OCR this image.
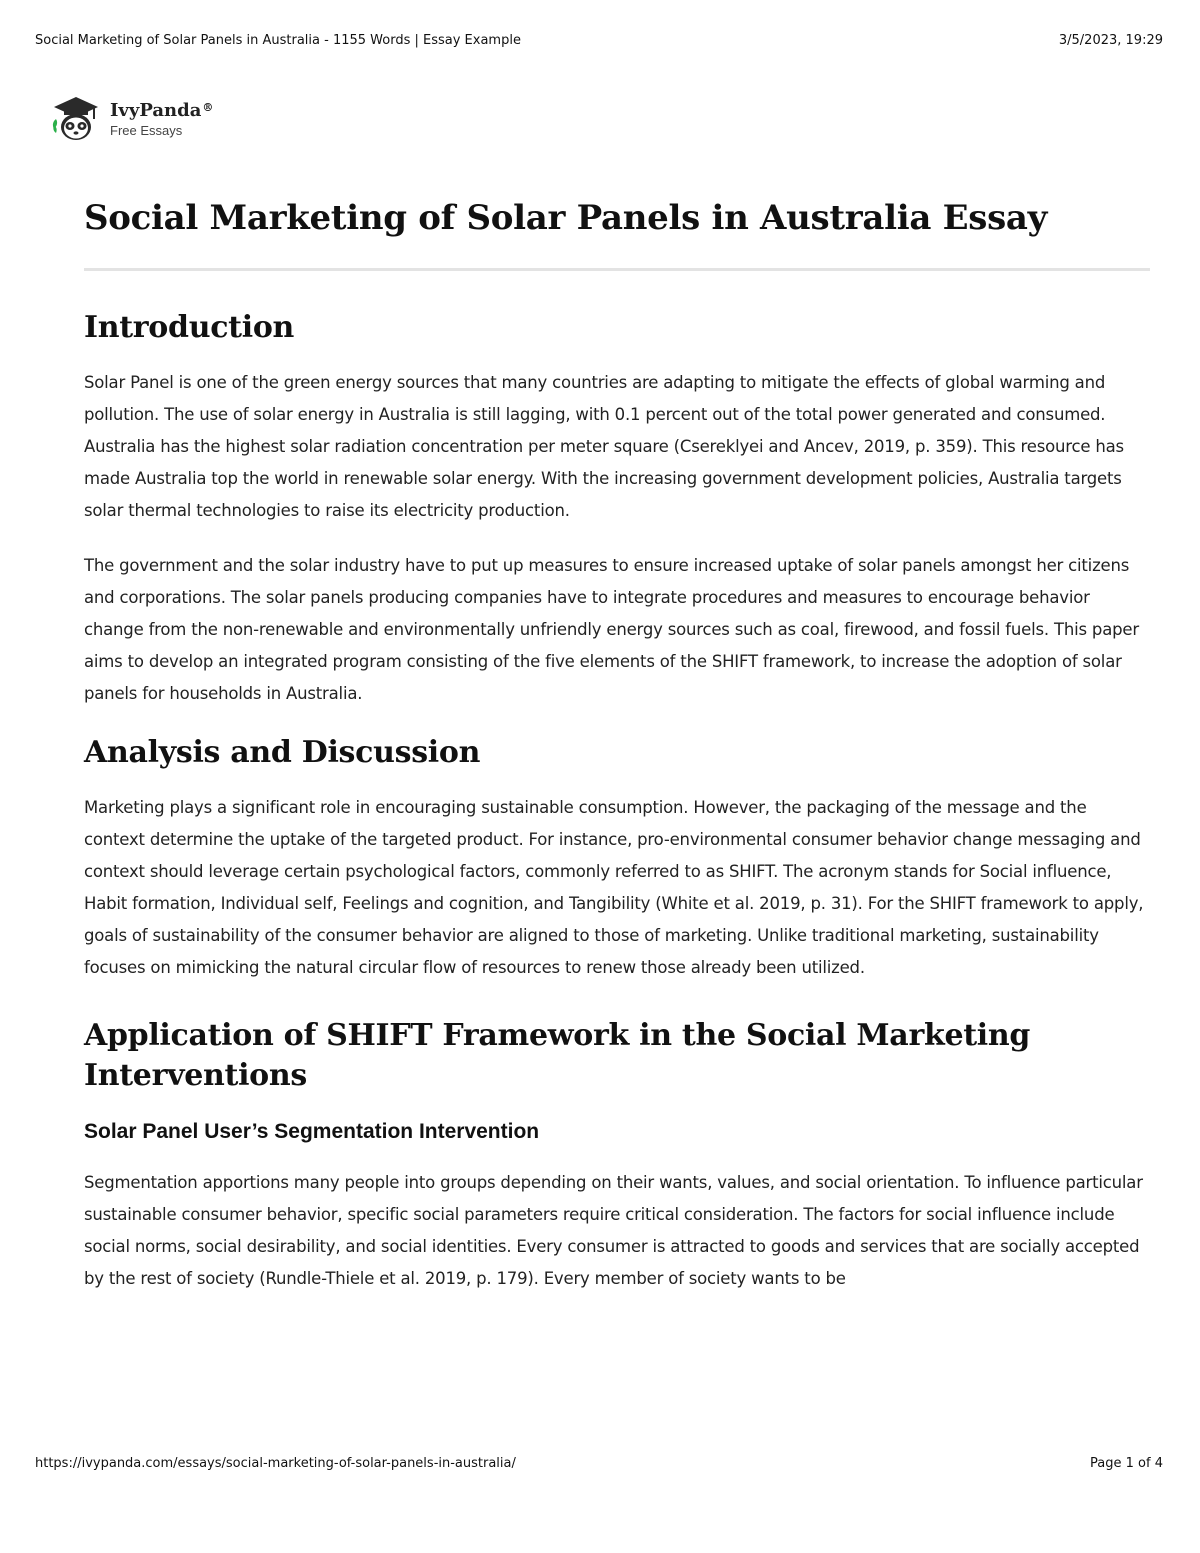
Social Marketing of Solar Panels in Australia - 1155 Words | Essay Example	3/5/2023, 19:29
IvyPanda ®
Free Essays
Social Marketing of Solar Panels in Australia Essay
Introduction

Solar Panel is one of the green energy sources that many countries are adapting to mitigate the effects of global warming and pollution. The use of solar energy in Australia is still lagging, with 0.1 percent out of the total power generated and consumed. Australia has the highest solar radiation concentration per meter square (Csereklyei and Ancev, 2019, p. 359). This resource has made Australia top the world in renewable solar energy. With the increasing government development policies, Australia targets solar thermal technologies to raise its electricity production.

The government and the solar industry have to put up measures to ensure increased uptake of solar panels amongst her citizens and corporations. The solar panels producing companies have to integrate procedures and measures to encourage behavior change from the non-renewable and environmentally unfriendly energy sources such as coal, firewood, and fossil fuels. This paper aims to develop an integrated program consisting of the five elements of the SHIFT framework, to increase the adoption of solar panels for households in Australia.

Analysis and Discussion

Marketing plays a significant role in encouraging sustainable consumption. However, the packaging of the message and the context determine the uptake of the targeted product. For instance, pro-environmental consumer behavior change messaging and context should leverage certain psychological factors, commonly referred to as SHIFT. The acronym stands for Social influence, Habit formation, Individual self, Feelings and cognition, and Tangibility (White et al. 2019, p. 31). For the SHIFT framework to apply, goals of sustainability of the consumer behavior are aligned to those of marketing. Unlike traditional marketing, sustainability focuses on mimicking the natural circular flow of resources to renew those already been utilized.

Application of SHIFT Framework in the Social Marketing Interventions
Solar Panel User’s Segmentation Intervention

Segmentation apportions many people into groups depending on their wants, values, and social orientation. To influence particular sustainable consumer behavior, specific social parameters require critical consideration. The factors for social influence include social norms, social desirability, and social identities. Every consumer is attracted to goods and services that are socially accepted by the rest of society (Rundle-Thiele et al. 2019, p. 179). Every member of society wants to be

https://ivypanda.com/essays/social-marketing-of-solar-panels-in-australia/	Page 1 of 4
